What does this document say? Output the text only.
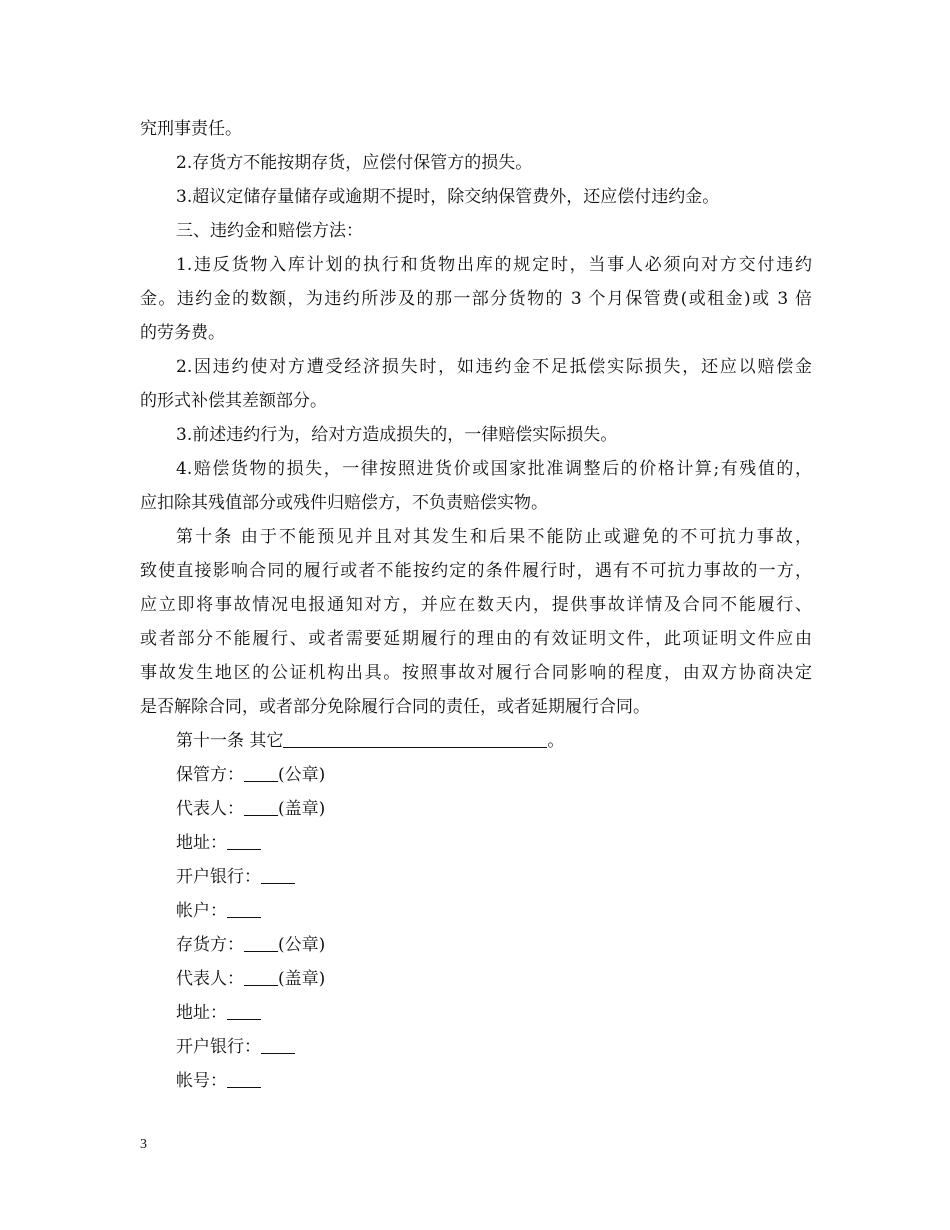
究刑事责任。
2.存货方不能按期存货，应偿付保管方的损失。
3.超议定储存量储存或逾期不提时，除交纳保管费外，还应偿付违约金。
三、违约金和赔偿方法：
1.违反货物入库计划的执行和货物出库的规定时，当事人必须向对方交付违约
金。违约金的数额，为违约所涉及的那一部分货物的 3 个月保管费(或租金)或 3 倍
的劳务费。
2.因违约使对方遭受经济损失时，如违约金不足抵偿实际损失，还应以赔偿金
的形式补偿其差额部分。
3.前述违约行为，给对方造成损失的，一律赔偿实际损失。
4.赔偿货物的损失，一律按照进货价或国家批准调整后的价格计算;有残值的，
应扣除其残值部分或残件归赔偿方，不负责赔偿实物。
第十条 由于不能预见并且对其发生和后果不能防止或避免的不可抗力事故，
致使直接影响合同的履行或者不能按约定的条件履行时，遇有不可抗力事故的一方，
应立即将事故情况电报通知对方，并应在数天内，提供事故详情及合同不能履行、
或者部分不能履行、或者需要延期履行的理由的有效证明文件，此项证明文件应由
事故发生地区的公证机构出具。按照事故对履行合同影响的程度，由双方协商决定
是否解除合同，或者部分免除履行合同的责任，或者延期履行合同。
第十一条 其它	。
保管方： (公章)
代表人： (盖章)
地址：
开户银行：
帐户：
存货方： (公章)
代表人： (盖章)
地址：
开户银行：
帐号：
3
